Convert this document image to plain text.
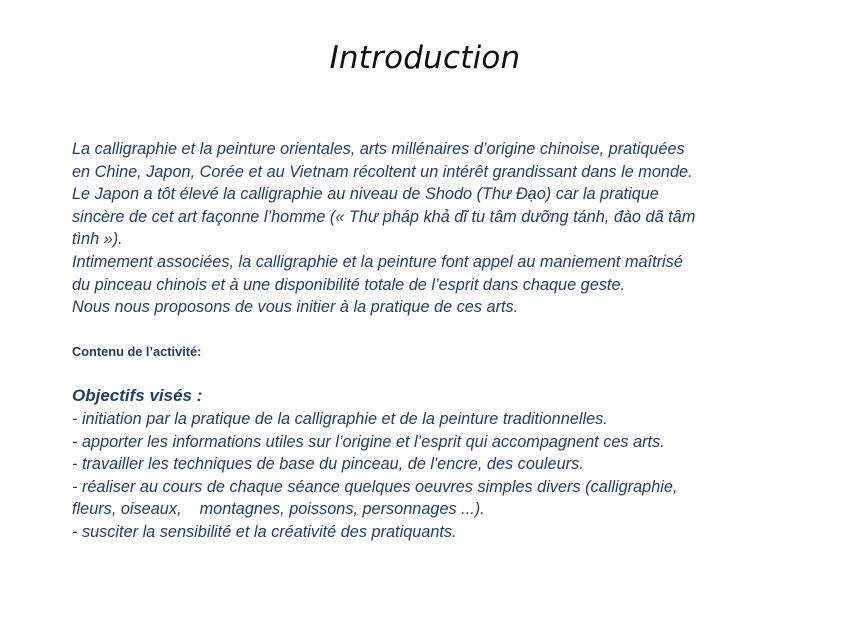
Introduction
La calligraphie et la peinture orientales, arts millénaires d’origine chinoise, pratiquées
en Chine, Japon, Corée et au Vietnam récoltent un intérêt grandissant dans le monde.
Le Japon a tôt élevé la calligraphie au niveau de Shodo (Thư Đạo) car la pratique
sincère de cet art façonne l’homme (« Thư pháp khả dĩ tu tâm dưỡng tánh, đào dã tâm
tình »).
Intimement associées, la calligraphie et la peinture font appel au maniement maîtrisé
du pinceau chinois et à une disponibilité totale de l’esprit dans chaque geste.
Nous nous proposons de vous initier à la pratique de ces arts.
Contenu de l’activité:
Objectifs visés :
- initiation par la pratique de la calligraphie et de la peinture traditionnelles.
- apporter les informations utiles sur l’origine et l’esprit qui accompagnent ces arts.
- travailler les techniques de base du pinceau, de l'encre, des couleurs.
- réaliser au cours de chaque séance quelques oeuvres simples divers (calligraphie,
fleurs, oiseaux,    montagnes, poissons, personnages ...).
- susciter la sensibilité et la créativité des pratiquants.
